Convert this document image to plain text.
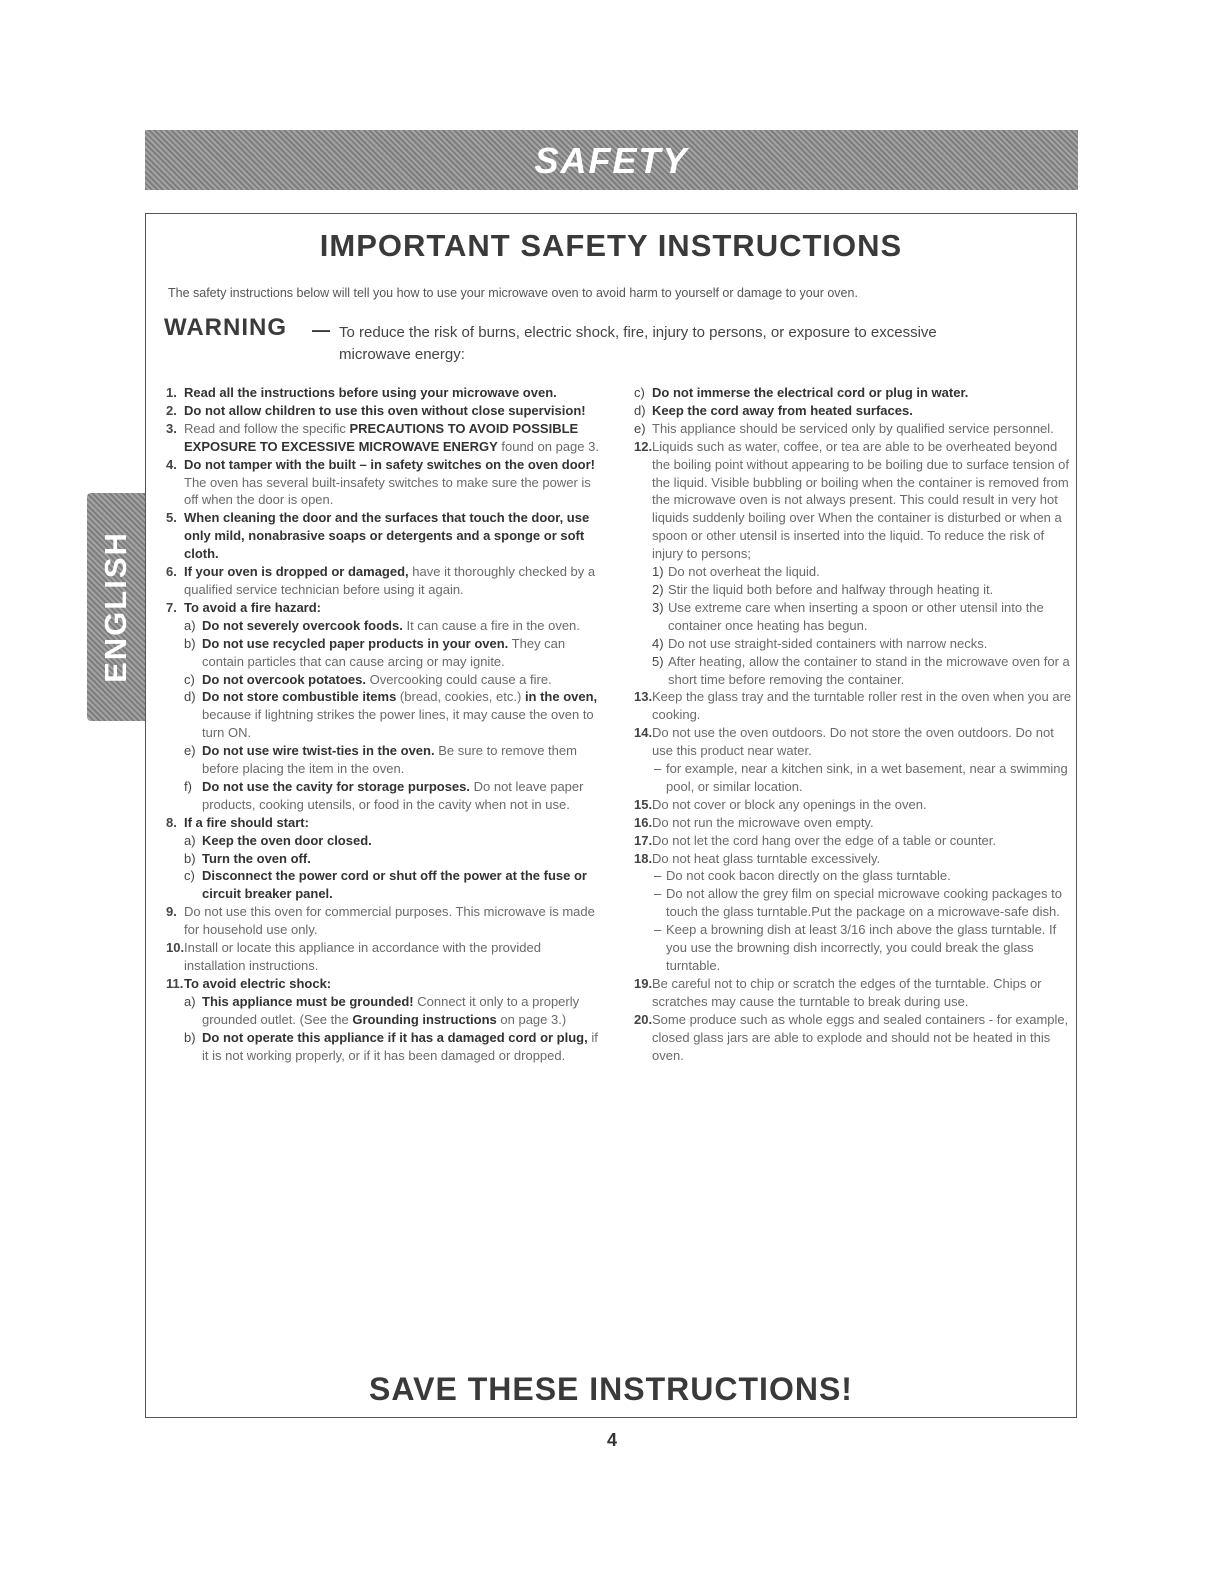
SAFETY
ENGLISH
IMPORTANT SAFETY INSTRUCTIONS
The safety instructions below will tell you how to use your microwave oven to avoid harm to yourself or damage to your oven.
WARNING — To reduce the risk of burns, electric shock, fire, injury to persons, or exposure to excessive
microwave energy:
1. Read all the instructions before using your microwave oven.
2. Do not allow children to use this oven without close supervision!
3. Read and follow the specific PRECAUTIONS TO AVOID POSSIBLE EXPOSURE TO EXCESSIVE MICROWAVE ENERGY found on page 3.
4. Do not tamper with the built – in safety switches on the oven door! The oven has several built-insafety switches to make sure the power is off when the door is open.
5. When cleaning the door and the surfaces that touch the door, use only mild, nonabrasive soaps or detergents and a sponge or soft cloth.
6. If your oven is dropped or damaged, have it thoroughly checked by a qualified service technician before using it again.
7. To avoid a fire hazard:
a) Do not severely overcook foods. It can cause a fire in the oven.
b) Do not use recycled paper products in your oven. They can contain particles that can cause arcing or may ignite.
c) Do not overcook potatoes. Overcooking could cause a fire.
d) Do not store combustible items (bread, cookies, etc.) in the oven, because if lightning strikes the power lines, it may cause the oven to turn ON.
e) Do not use wire twist-ties in the oven. Be sure to remove them before placing the item in the oven.
f) Do not use the cavity for storage purposes. Do not leave paper products, cooking utensils, or food in the cavity when not in use.
8. If a fire should start:
a) Keep the oven door closed.
b) Turn the oven off.
c) Disconnect the power cord or shut off the power at the fuse or circuit breaker panel.
9. Do not use this oven for commercial purposes. This microwave is made for household use only.
10. Install or locate this appliance in accordance with the provided installation instructions.
11. To avoid electric shock:
a) This appliance must be grounded! Connect it only to a properly grounded outlet. (See the Grounding instructions on page 3.)
b) Do not operate this appliance if it has a damaged cord or plug, if it is not working properly, or if it has been damaged or dropped.
c) Do not immerse the electrical cord or plug in water.
d) Keep the cord away from heated surfaces.
e) This appliance should be serviced only by qualified service personnel.
12. Liquids such as water, coffee, or tea are able to be overheated beyond the boiling point without appearing to be boiling due to surface tension of the liquid. Visible bubbling or boiling when the container is removed from the microwave oven is not always present. This could result in very hot liquids suddenly boiling over When the container is disturbed or when a spoon or other utensil is inserted into the liquid. To reduce the risk of injury to persons;
1) Do not overheat the liquid.
2) Stir the liquid both before and halfway through heating it.
3) Use extreme care when inserting a spoon or other utensil into the container once heating has begun.
4) Do not use straight-sided containers with narrow necks.
5) After heating, allow the container to stand in the microwave oven for a short time before removing the container.
13. Keep the glass tray and the turntable roller rest in the oven when you are cooking.
14. Do not use the oven outdoors. Do not store the oven outdoors. Do not use this product near water.
– for example, near a kitchen sink, in a wet basement, near a swimming pool, or similar location.
15. Do not cover or block any openings in the oven.
16. Do not run the microwave oven empty.
17. Do not let the cord hang over the edge of a table or counter.
18. Do not heat glass turntable excessively.
– Do not cook bacon directly on the glass turntable.
– Do not allow the grey film on special microwave cooking packages to touch the glass turntable.Put the package on a microwave-safe dish.
– Keep a browning dish at least 3/16 inch above the glass turntable. If you use the browning dish incorrectly, you could break the glass turntable.
19. Be careful not to chip or scratch the edges of the turntable. Chips or scratches may cause the turntable to break during use.
20. Some produce such as whole eggs and sealed containers - for example, closed glass jars are able to explode and should not be heated in this oven.
SAVE THESE INSTRUCTIONS!
4
